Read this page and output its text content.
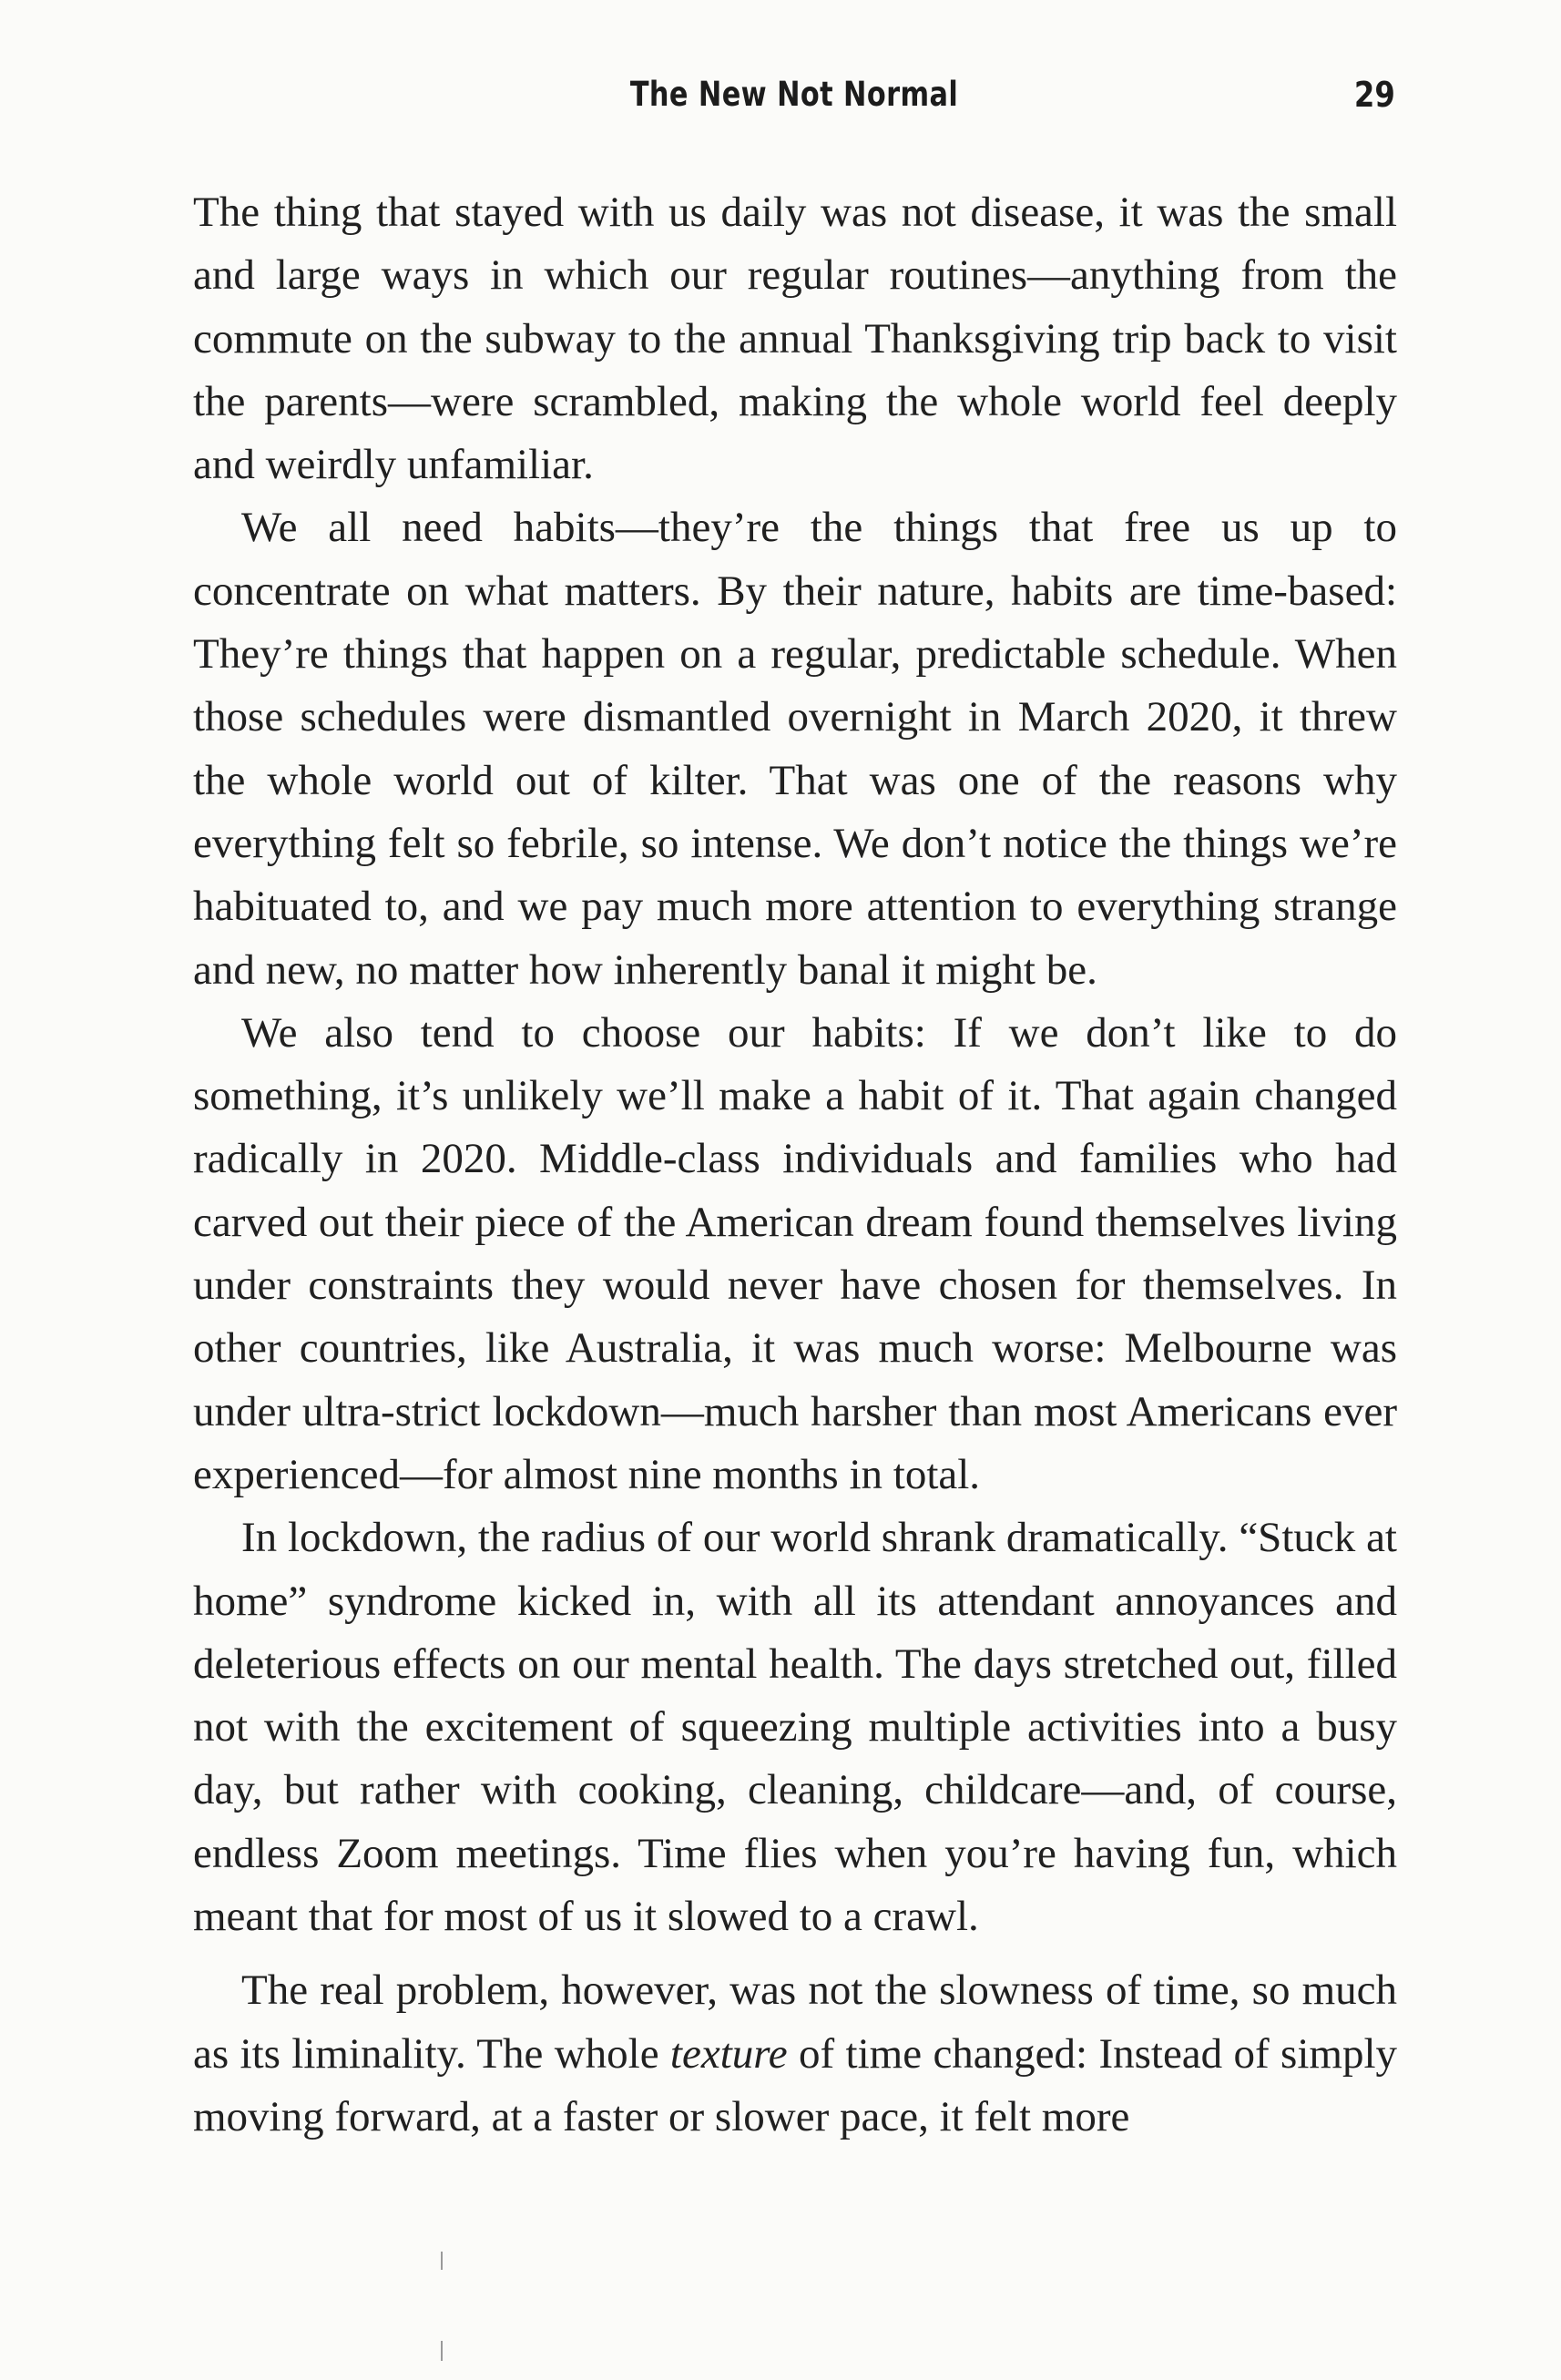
The New Not Normal	29

The thing that stayed with us daily was not disease, it was the small and large ways in which our regular routines—anything from the commute on the subway to the annual Thanksgiving trip back to visit the parents—were scrambled, making the whole world feel deeply and weirdly unfamiliar.

We all need habits—they’re the things that free us up to concentrate on what matters. By their nature, habits are time-based: They’re things that happen on a regular, predictable schedule. When those schedules were dismantled overnight in March 2020, it threw the whole world out of kilter. That was one of the reasons why everything felt so febrile, so intense. We don’t notice the things we’re habituated to, and we pay much more attention to everything strange and new, no matter how inherently banal it might be.

We also tend to choose our habits: If we don’t like to do something, it’s unlikely we’ll make a habit of it. That again changed radically in 2020. Middle-class individuals and families who had carved out their piece of the American dream found themselves living under constraints they would never have chosen for themselves. In other countries, like Australia, it was much worse: Melbourne was under ultra-strict lockdown—much harsher than most Americans ever experienced—for almost nine months in total.

In lockdown, the radius of our world shrank dramatically. “Stuck at home” syndrome kicked in, with all its attendant annoyances and deleterious effects on our mental health. The days stretched out, filled not with the excitement of squeezing multiple activities into a busy day, but rather with cooking, cleaning, childcare—and, of course, endless Zoom meetings. Time flies when you’re having fun, which meant that for most of us it slowed to a crawl.

The real problem, however, was not the slowness of time, so much as its liminality. The whole texture of time changed: Instead of simply moving forward, at a faster or slower pace, it felt more
